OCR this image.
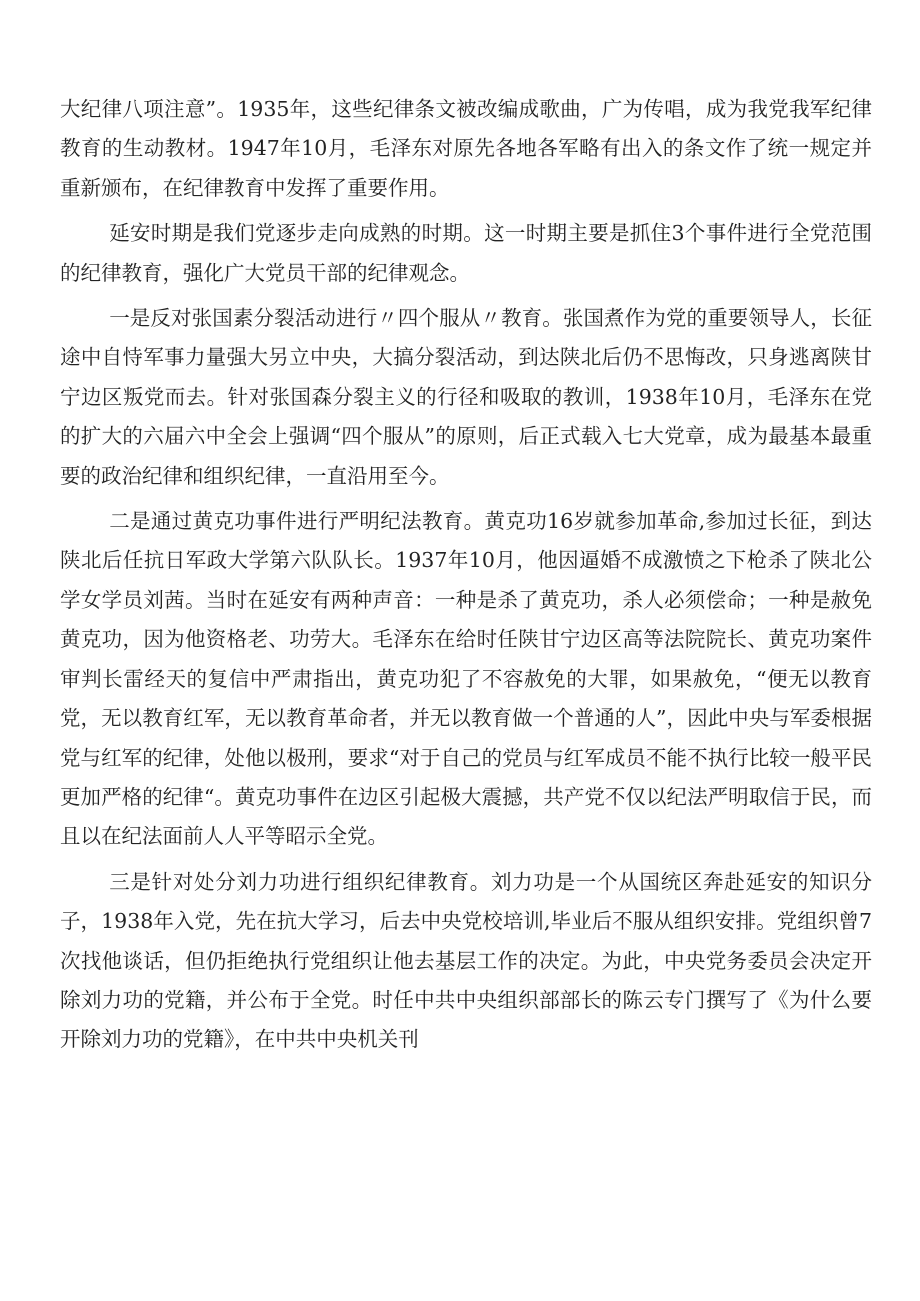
大纪律八项注意”。1935年，这些纪律条文被改编成歌曲，广为传唱，成为我党我军纪律教育的生动教材。1947年10月，毛泽东对原先各地各军略有出入的条文作了统一规定并重新颁布，在纪律教育中发挥了重要作用。

延安时期是我们党逐步走向成熟的时期。这一时期主要是抓住3个事件进行全党范围的纪律教育，强化广大党员干部的纪律观念。

一是反对张国素分裂活动进行〃四个服从〃教育。张国煮作为党的重要领导人，长征途中自恃军事力量强大另立中央，大搞分裂活动，到达陕北后仍不思悔改，只身逃离陕甘宁边区叛党而去。针对张国森分裂主义的行径和吸取的教训，1938年10月，毛泽东在党的扩大的六届六中全会上强调“四个服从”的原则，后正式载入七大党章，成为最基本最重要的政治纪律和组织纪律，一直沿用至今。

二是通过黄克功事件进行严明纪法教育。黄克功16岁就参加革命,参加过长征，到达陕北后任抗日军政大学第六队队长。1937年10月，他因逼婚不成激愤之下枪杀了陕北公学女学员刘茜。当时在延安有两种声音：一种是杀了黄克功，杀人必须偿命；一种是赦免黄克功，因为他资格老、功劳大。毛泽东在给时任陕甘宁边区高等法院院长、黄克功案件审判长雷经天的复信中严肃指出，黄克功犯了不容赦免的大罪，如果赦免，“便无以教育党，无以教育红军，无以教育革命者，并无以教育做一个普通的人”，因此中央与军委根据党与红军的纪律，处他以极刑，要求“对于自己的党员与红军成员不能不执行比较一般平民更加严格的纪律“。黄克功事件在边区引起极大震撼，共产党不仅以纪法严明取信于民，而且以在纪法面前人人平等昭示全党。

三是针对处分刘力功进行组织纪律教育。刘力功是一个从国统区奔赴延安的知识分子，1938年入党，先在抗大学习，后去中央党校培训,毕业后不服从组织安排。党组织曾7次找他谈话，但仍拒绝执行党组织让他去基层工作的决定。为此，中央党务委员会决定开除刘力功的党籍，并公布于全党。时任中共中央组织部部长的陈云专门撰写了《为什么要开除刘力功的党籍》，在中共中央机关刊
